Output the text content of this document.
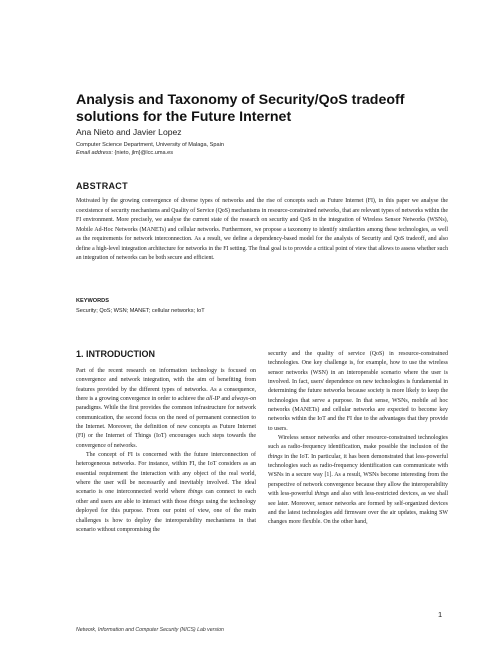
Analysis and Taxonomy of Security/QoS tradeoff solutions for the Future Internet
Ana Nieto and Javier Lopez
Computer Science Department, University of Malaga, Spain
Email address: {nieto, jlm}@lcc.uma.es
ABSTRACT
Motivated by the growing convergence of diverse types of networks and the rise of concepts such as Future Internet (FI), in this paper we analyse the coexistence of security mechanisms and Quality of Service (QoS) mechanisms in resource-constrained networks, that are relevant types of networks within the FI environment. More precisely, we analyse the current state of the research on security and QoS in the integration of Wireless Sensor Networks (WSNs), Mobile Ad-Hoc Networks (MANETs) and cellular networks. Furthermore, we propose a taxonomy to identify similarities among these technologies, as well as the requirements for network interconnection. As a result, we define a dependency-based model for the analysis of Security and QoS tradeoff, and also define a high-level integration architecture for networks in the FI setting. The final goal is to provide a critical point of view that allows to assess whether such an integration of networks can be both secure and efficient.
KEYWORDS
Security; QoS; WSN; MANET; cellular networks; IoT
1. INTRODUCTION

Part of the recent research on information technology is focused on convergence and network integration, with the aim of benefiting from features provided by the different types of networks. As a consequence, there is a growing convergence in order to achieve the all-IP and always-on paradigms. While the first provides the common infrastructure for network communication, the second focus on the need of permanent connection to the Internet. Moreover, the definition of new concepts as Future Internet (FI) or the Internet of Things (IoT) encourages such steps towards the convergence of networks.

The concept of FI is concerned with the future interconnection of heterogeneous networks. For instance, within FI, the IoT considers as an essential requirement the interaction with any object of the real world, where the user will be necessarily and inevitably involved. The ideal scenario is one interconnected world where things can connect to each other and users are able to interact with those things using the technology deployed for this purpose. From our point of view, one of the main challenges is how to deploy the interoperability mechanisms in that scenario without compromising the

security and the quality of service (QoS) in resource-constrained technologies. One key challenge is, for example, how to use the wireless sensor networks (WSN) in an interoperable scenario where the user is involved. In fact, users' dependence on new technologies is fundamental in determining the future networks because society is more likely to keep the technologies that serve a purpose. In that sense, WSNs, mobile ad hoc networks (MANETs) and cellular networks are expected to become key networks within the IoT and the FI due to the advantages that they provide to users.

Wireless sensor networks and other resource-constrained technologies such as radio-frequency identification, make possible the inclusion of the things in the IoT. In particular, it has been demonstrated that less-powerful technologies such as radio-frequency identification can communicate with WSNs in a secure way [1]. As a result, WSNs become interesting from the perspective of network convergence because they allow the interoperability with less-powerful things and also with less-restricted devices, as we shall see later. Moreover, sensor networks are formed by self-organized devices and the latest technologies add firmware over the air updates, making SW changes more flexible. On the other hand,

1
Network, Information and Computer Security (NICS) Lab version
